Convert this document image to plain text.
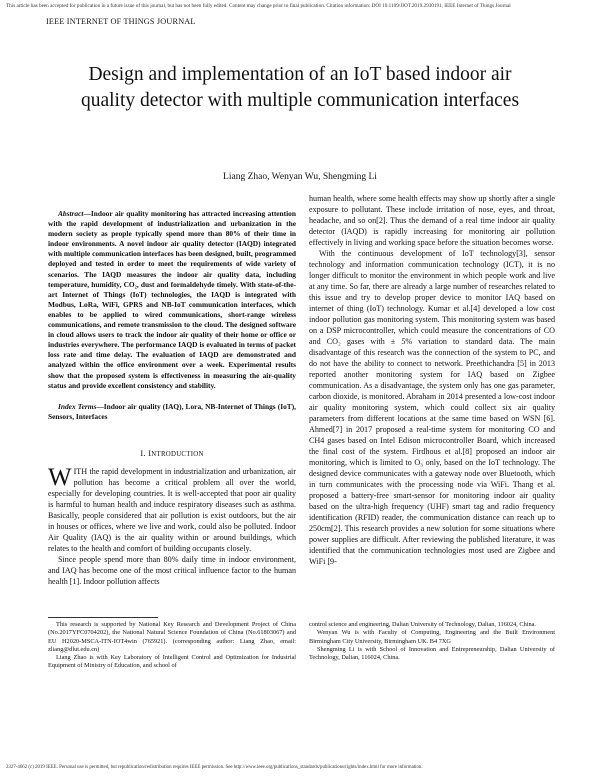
This article has been accepted for publication in a future issue of this journal, but has not been fully edited. Content may change prior to final publication. Citation information: DOI 10.1109/JIOT.2019.2930191, IEEE Internet of Things Journal
IEEE INTERNET OF THINGS JOURNAL
Design and implementation of an IoT based indoor air quality detector with multiple communication interfaces
Liang Zhao, Wenyan Wu, Shengming Li

Abstract—Indoor air quality monitoring has attracted increasing attention with the rapid development of industrialization and urbanization in the modern society as people typically spend more than 80% of their time in indoor environments. A novel indoor air quality detector (IAQD) integrated with multiple communication interfaces has been designed, built, programmed deployed and tested in order to meet the requirements of wide variety of scenarios. The IAQD measures the indoor air quality data, including temperature, humidity, CO₂, dust and formaldehyde timely. With state-of-the-art Internet of Things (IoT) technologies, the IAQD is integrated with Modbus, LoRa, WiFi, GPRS and NB-IoT communication interfaces, which enables to be applied to wired communications, short-range wireless communications, and remote transmission to the cloud. The designed software in cloud allows users to track the indoor air quality of their home or office or industries everywhere. The performance IAQD is evaluated in terms of packet loss rate and time delay. The evaluation of IAQD are demonstrated and analyzed within the office environment over a week. Experimental results show that the proposed system is effectiveness in measuring the air-quality status and provide excellent consistency and stability.

Index Terms—Indoor air quality (IAQ), Lora, NB-Internet of Things (IoT), Sensors, Interfaces

I. INTRODUCTION

WITH the rapid development in industrialization and urbanization, air pollution has become a critical problem all over the world, especially for developing countries. It is well-accepted that poor air quality is harmful to human health and induce respiratory diseases such as asthma. Basically, people considered that air pollution is exist outdoors, but the air in houses or offices, where we live and work, could also be polluted. Indoor Air Quality (IAQ) is the air quality within or around buildings, which relates to the health and comfort of building occupants closely.

Since people spend more than 80% daily time in indoor environment, and IAQ has become one of the most critical influence factor to the human health [1]. Indoor pollution affects

human health, where some health effects may show up shortly after a single exposure to pollutant. These include irritation of nose, eyes, and throat, headache, and so on[2]. Thus the demand of a real time indoor air quality detector (IAQD) is rapidly increasing for monitoring air pollution effectively in living and working space before the situation becomes worse.

With the continuous development of IoT technology[3], sensor technology and information communication technology (ICT), it is no longer difficult to monitor the environment in which people work and live at any time. So far, there are already a large number of researches related to this issue and try to develop proper device to monitor IAQ based on internet of thing (IoT) technology. Kumar et al.[4] developed a low cost indoor pollution gas monitoring system. This monitoring system was based on a DSP microcontroller, which could measure the concentrations of CO and CO₂ gases with ± 5% variation to standard data. The main disadvantage of this research was the connection of the system to PC, and do not have the ability to connect to network. Preethichandra [5] in 2013 reported another monitoring system for IAQ based on Zigbee communication. As a disadvantage, the system only has one gas parameter, carbon dioxide, is monitored. Abraham in 2014 presented a low-cost indoor air quality monitoring system, which could collect six air quality parameters from different locations at the same time based on WSN [6]. Ahmed[7] in 2017 proposed a real-time system for monitoring CO and CH4 gases based on Intel Edison microcontroller Board, which increased the final cost of the system. Firdhous et al.[8] proposed an indoor air monitoring, which is limited to O₃ only, based on the IoT technology. The designed device communicates with a gateway node over Bluetooth, which in turn communicates with the processing node via WiFi. Thang et al. proposed a battery-free smart-sensor for monitoring indoor air quality based on the ultra-high frequency (UHF) smart tag and radio frequency identification (RFID) reader, the communication distance can reach up to 250cm[2]. This research provides a new solution for some situations where power supplies are difficult. After reviewing the published literature, it was identified that the communication technologies most used are Zigbee and WiFi [9-

This research is supported by National Key Research and Development Project of China (No.2017YFC0704202), the National Natural Science Foundation of China (No.61803067) and EU H2020-MSCA-ITN-IOT4win (765921). (corresponding author: Liang Zhao, email: zliang@dlut.edu.cn)

Liang Zhao is with Key Laboratory of Intelligent Control and Optimization for Industrial Equipment of Ministry of Education, and school of

control science and engineering, Dalian University of Technology, Dalian, 116024, China.

Wenyan Wu is with Faculty of Computing, Engineering and the Built Environment Birmingham City University, Birmingham UK. B4 7XG

Shengming Li is with School of Innovation and Entrepreneurship, Dalian University of Technology, Dalian, 116024, China.

2327-4662 (c) 2019 IEEE. Personal use is permitted, but republication/redistribution requires IEEE permission. See http://www.ieee.org/publications_standards/publications/rights/index.html for more information.
